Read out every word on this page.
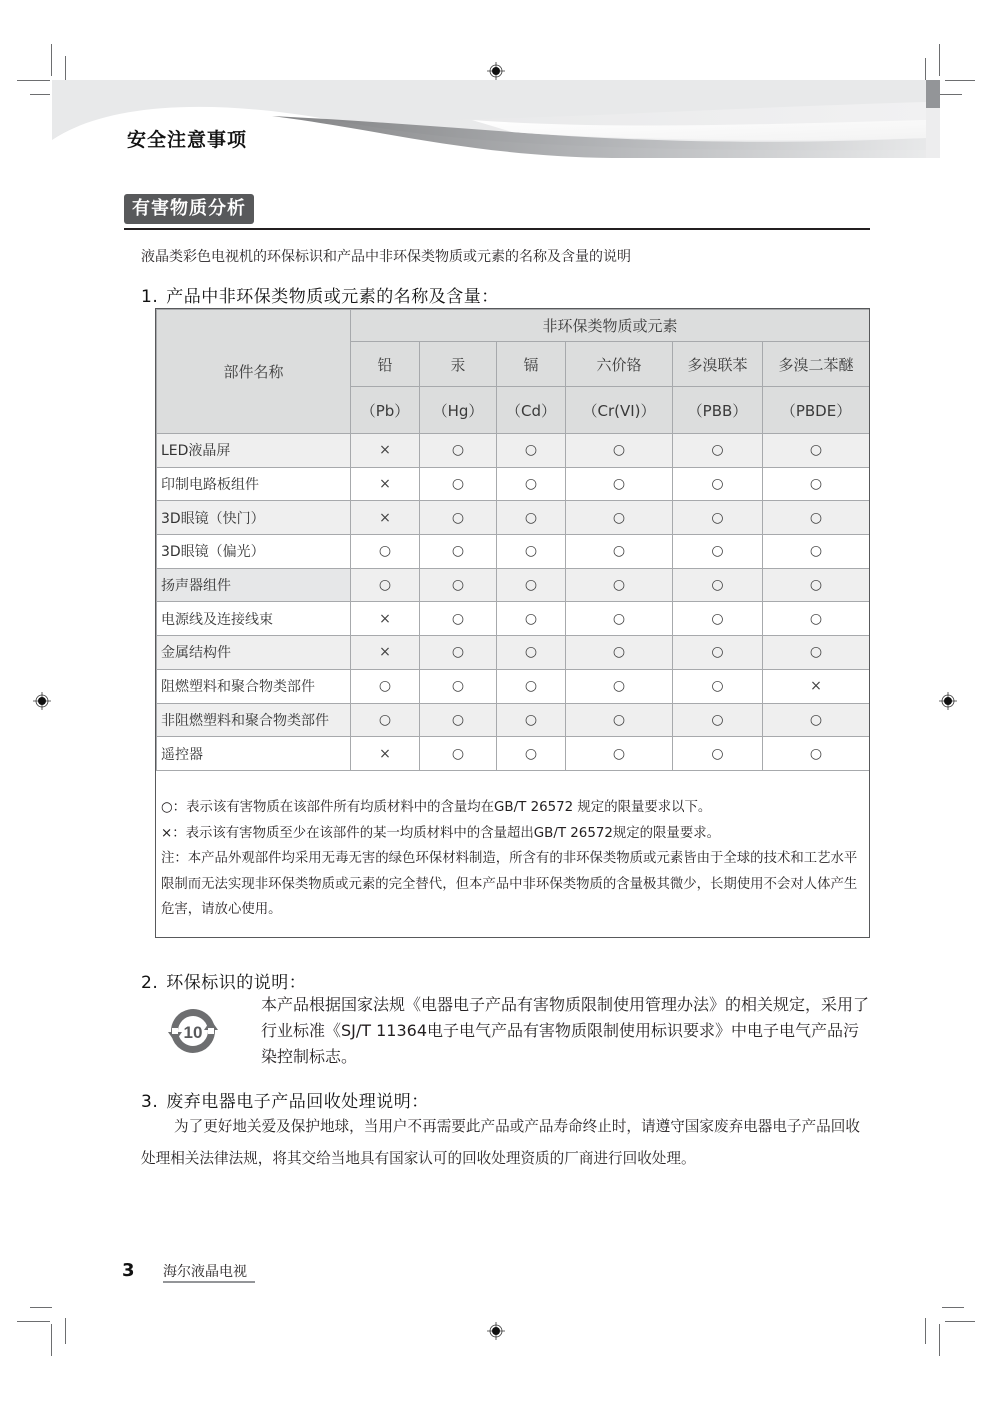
安全注意事项
有害物质分析
液晶类彩色电视机的环保标识和产品中非环保类物质或元素的名称及含量的说明
1. 产品中非环保类物质或元素的名称及含量：
部件名称	非环保类物质或元素					
	铅	汞	镉	六价铬	多溴联苯	多溴二苯醚
	（Pb）	（Hg）	（Cd）	（Cr(VI)）	（PBB）	（PBDE）
LED液晶屏	×	○	○	○	○	○
印制电路板组件	×	○	○	○	○	○
3D眼镜（快门）	×	○	○	○	○	○
3D眼镜（偏光）	○	○	○	○	○	○
扬声器组件	○	○	○	○	○	○
电源线及连接线束	×	○	○	○	○	○
金属结构件	×	○	○	○	○	○
阻燃塑料和聚合物类部件	○	○	○	○	○	×
非阻燃塑料和聚合物类部件	○	○	○	○	○	○
遥控器	×	○	○	○	○	○
○：表示该有害物质在该部件所有均质材料中的含量均在GB/T 26572 规定的限量要求以下。
×：表示该有害物质至少在该部件的某一均质材料中的含量超出GB/T 26572规定的限量要求。
注：本产品外观部件均采用无毒无害的绿色环保材料制造，所含有的非环保类物质或元素皆由于全球的技术和工艺水平限制而无法实现非环保类物质或元素的完全替代，但本产品中非环保类物质的含量极其微少，长期使用不会对人体产生危害，请放心使用。
2. 环保标识的说明：
10
本产品根据国家法规《电器电子产品有害物质限制使用管理办法》的相关规定，采用了行业标准《SJ/T 11364电子电气产品有害物质限制使用标识要求》中电子电气产品污染控制标志。
3. 废弃电器电子产品回收处理说明：
为了更好地关爱及保护地球，当用户不再需要此产品或产品寿命终止时，请遵守国家废弃电器电子产品回收处理相关法律法规，将其交给当地具有国家认可的回收处理资质的厂商进行回收处理。
3 海尔液晶电视
